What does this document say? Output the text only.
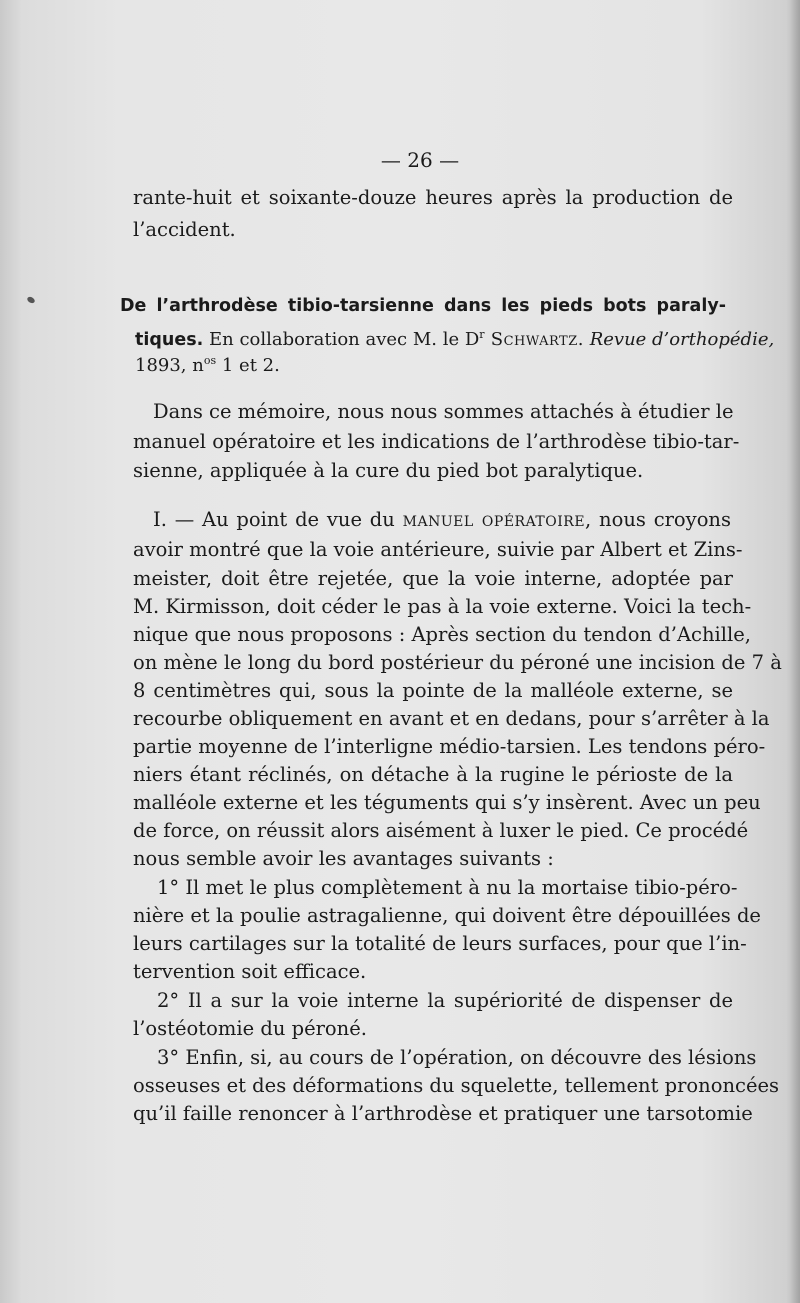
— 26 —
rante-huit et soixante-douze heures après la production de
l’accident.
De l’arthrodèse tibio-tarsienne dans les pieds bots paraly-
tiques. En collaboration avec M. le $D^r$ Schwartz. Revue d’orthopédie,
1893, $n^{os}$ 1 et 2.
Dans ce mémoire, nous nous sommes attachés à étudier le
manuel opératoire et les indications de l’arthrodèse tibio-tar-
sienne, appliquée à la cure du pied bot paralytique.
I. — Au point de vue du manuel opératoire, nous croyons
avoir montré que la voie antérieure, suivie par Albert et Zins-
meister, doit être rejetée, que la voie interne, adoptée par
M. Kirmisson, doit céder le pas à la voie externe. Voici la tech-
nique que nous proposons : Après section du tendon d’Achille,
on mène le long du bord postérieur du péroné une incision de 7 à
8 centimètres qui, sous la pointe de la malléole externe, se
recourbe obliquement en avant et en dedans, pour s’arrêter à la
partie moyenne de l’interligne médio-tarsien. Les tendons péro-
niers étant réclinés, on détache à la rugine le périoste de la
malléole externe et les téguments qui s’y insèrent. Avec un peu
de force, on réussit alors aisément à luxer le pied. Ce procédé
nous semble avoir les avantages suivants :
1° Il met le plus complètement à nu la mortaise tibio-péro-
nière et la poulie astragalienne, qui doivent être dépouillées de
leurs cartilages sur la totalité de leurs surfaces, pour que l’in-
tervention soit efficace.
2° Il a sur la voie interne la supériorité de dispenser de
l’ostéotomie du péroné.
3° Enfin, si, au cours de l’opération, on découvre des lésions
osseuses et des déformations du squelette, tellement prononcées
qu’il faille renoncer à l’arthrodèse et pratiquer une tarsotomie
